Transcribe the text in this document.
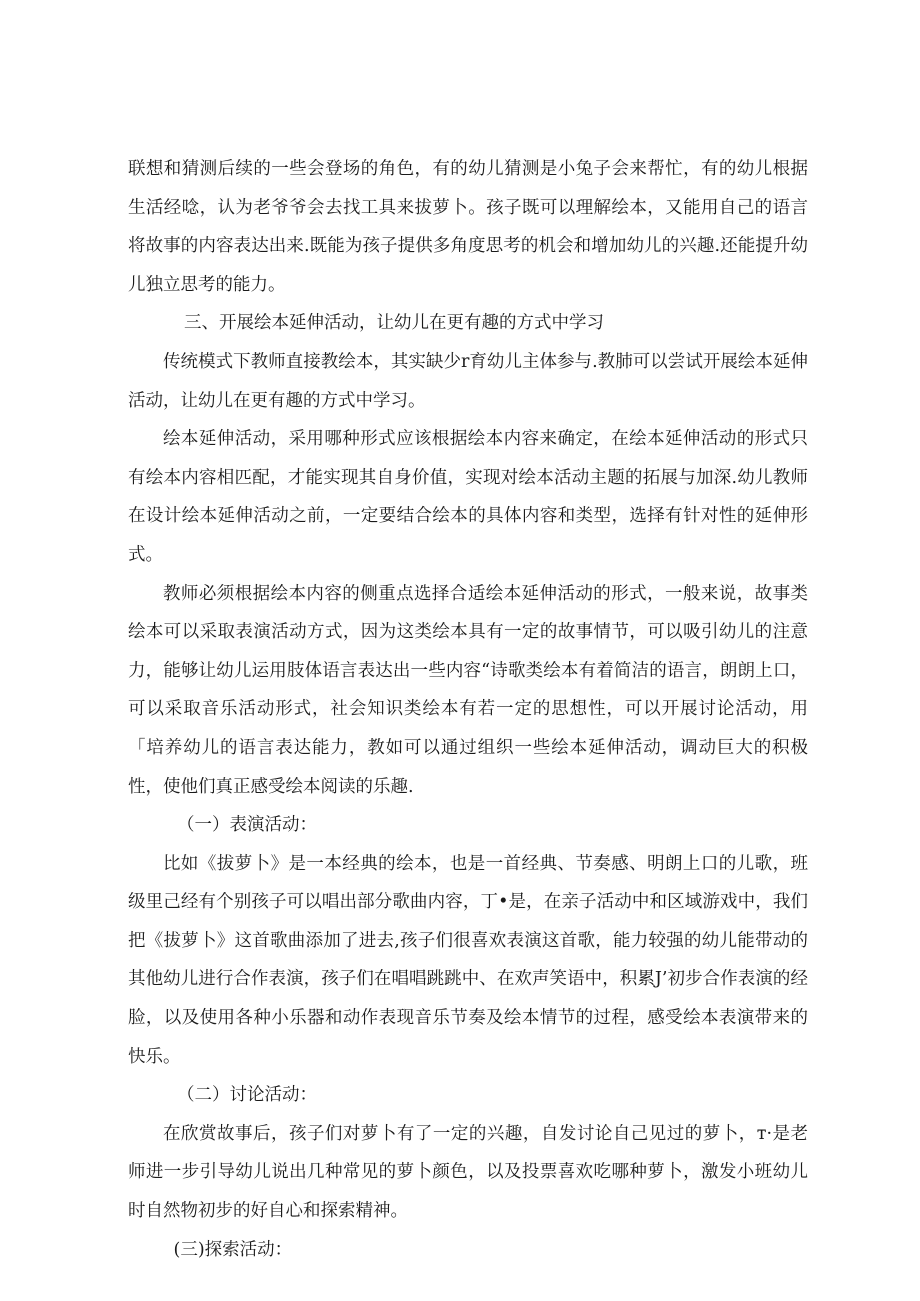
联想和猜测后续的一些会登场的角色，有的幼儿猜测是小兔子会来帮忙，有的幼儿根据生活经唸，认为老爷爷会去找工具来拔萝卜。孩子既可以理解绘本，又能用自己的语言将故事的内容表达出来.既能为孩子提供多角度思考的机会和增加幼儿的兴趣.还能提升幼儿独立思考的能力。

三、开展绘本延伸活动，让幼儿在更有趣的方式中学习

传统模式下教师直接教绘本，其实缺少r育幼儿主体参与.教肺可以尝试开展绘本延伸活动，让幼儿在更有趣的方式中学习。

绘本延伸活动，采用哪种形式应该根据绘本内容来确定，在绘本延伸活动的形式只有绘本内容相匹配，才能实现其自身价值，实现对绘本活动主题的拓展与加深.幼儿教师在设计绘本延伸活动之前，一定要结合绘本的具体内容和类型，选择有针对性的延伸形式。

教师必须根据绘本内容的侧重点选择合适绘本延伸活动的形式，一般来说，故事类绘本可以采取表演活动方式，因为这类绘本具有一定的故事情节，可以吸引幼儿的注意力，能够让幼儿运用肢体语言表达出一些内容“诗歌类绘本有着简洁的语言，朗朗上口，可以采取音乐活动形式，社会知识类绘本有若一定的思想性，可以开展讨论活动，用「培养幼儿的语言表达能力，教如可以通过组织一些绘本延伸活动，调动巨大的积极性，使他们真正感受绘本阅读的乐趣.

（一）表演活动：

比如《拔萝卜》是一本经典的绘本，也是一首经典、节奏感、明朗上口的儿歌，班级里己经有个别孩子可以唱出部分歌曲内容，丁•是，在亲子活动中和区域游戏中，我们把《拔萝卜》这首歌曲添加了进去,孩子们很喜欢表演这首歌，能力较强的幼儿能带动的其他幼儿进行合作表演，孩子们在唱唱跳跳中、在欢声笑语中，积累J’初步合作表演的经脸，以及使用各种小乐器和动作表现音乐节奏及绘本情节的过程，感受绘本表演带来的快乐。

（二）讨论活动：

在欣赏故事后，孩子们对萝卜有了一定的兴趣，自发讨论自己见过的萝卜，т·是老师进一步引导幼儿说出几种常见的萝卜颜色，以及投票喜欢吃哪种萝卜，激发小班幼儿时自然物初步的好自心和探索精神。

(三)探索活动：
